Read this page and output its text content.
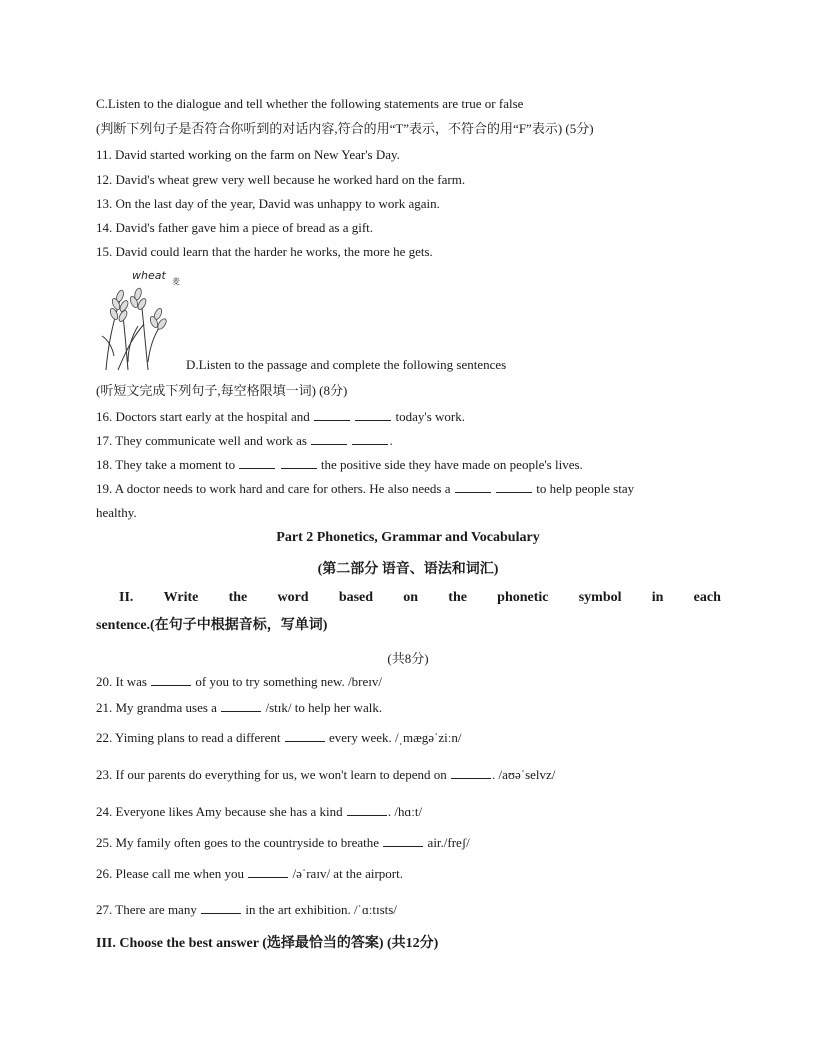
C.Listen to the dialogue and tell whether the following statements are true or false
(判断下列句子是否符合你听到的对话内容,符合的用“T”表示，不符合的用“F”表示) (5分)
11. David started working on the farm on New Year's Day.
12. David's wheat grew very well because he worked hard on the farm.
13. On the last day of the year, David was unhappy to work again.
14. David's father gave him a piece of bread as a gift.
15. David could learn that the harder he works, the more he gets.
wheat 麦
D.Listen to the passage and complete the following sentences
(听短文完成下列句子,每空格限填一词) (8分)
16. Doctors start early at the hospital and	today's work.
17. They communicate well and work as	.
18. They take a moment to	the positive side they have made on people's lives.
19. A doctor needs to work hard and care for others. He also needs a	to help people stay
healthy.
Part 2 Phonetics, Grammar and Vocabulary
(第二部分 语音、语法和词汇)
II. Write the word based on the phonetic symbol in each
sentence.(在句子中根据音标，写单词)
(共8分)
20. It was	of you to try something new. /breɪv/
21. My grandma uses a	/stɪk/ to help her walk.
22. Yiming plans to read a different	every week. /ˌmægəˈziːn/
23. If our parents do everything for us, we won't learn to depend on	. /aʊəˈselvz/
24. Everyone likes Amy because she has a kind	. /hɑːt/
25. My family often goes to the countryside to breathe	air./freʃ/
26. Please call me when you	/əˈraɪv/ at the airport.
27. There are many	in the art exhibition. /ˈɑːtɪsts/
III. Choose the best answer (选择最恰当的答案) (共12分)
